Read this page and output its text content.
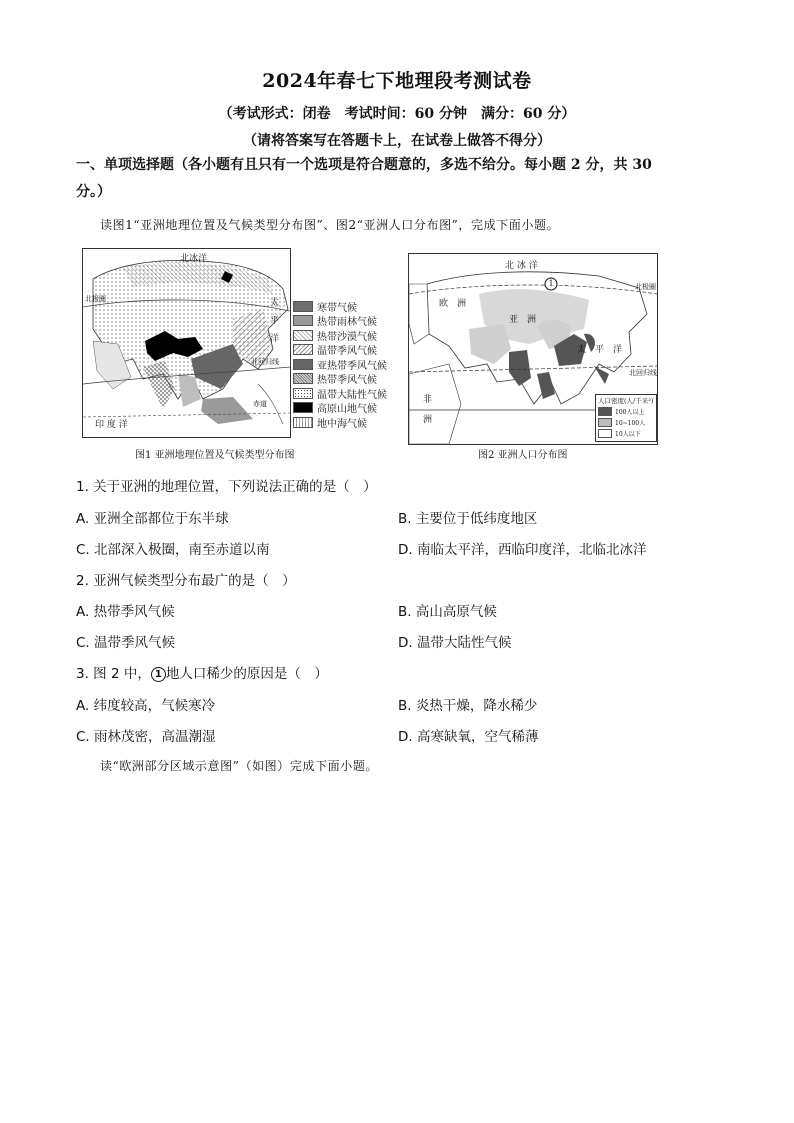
2024年春七下地理段考测试卷
（考试形式：闭卷　考试时间：60 分钟　满分：60 分）
（请将答案写在答题卡上，在试卷上做答不得分）
一、单项选择题（各小题有且只有一个选项是符合题意的，多选不给分。每小题 2 分，共 30
分。）
读图1“亚洲地理位置及气候类型分布图”、图2“亚洲人口分布图”，完成下面小题。
北冰洋
太
平
洋
印 度 洋
北回归线
赤道
北极圈
寒带气候
热带雨林气候
热带沙漠气候
温带季风气候
亚热带季风气候
热带季风气候
温带大陆性气候
高原山地气候
地中海气候
图1 亚洲地理位置及气候类型分布图
1
北 冰 洋
欧　洲
亚　洲
非
洲
太　平　洋
北极圈
北回归线
人口密度(人/千米²)
100人以上
10~100人
10人以下
图2 亚洲人口分布图
1. 关于亚洲的地理位置，下列说法正确的是（　）
A. 亚洲全部都位于东半球	B. 主要位于低纬度地区
C. 北部深入极圈，南至赤道以南	D. 南临太平洋，西临印度洋，北临北冰洋
2. 亚洲气候类型分布最广的是（　）
A. 热带季风气候	B. 高山高原气候
C. 温带季风气候	D. 温带大陆性气候
3. 图 2 中， 1 地人口稀少的原因是（　）
A. 纬度较高，气候寒冷	B. 炎热干燥，降水稀少
C. 雨林茂密，高温潮湿	D. 高寒缺氧，空气稀薄
读“欧洲部分区域示意图”（如图）完成下面小题。
